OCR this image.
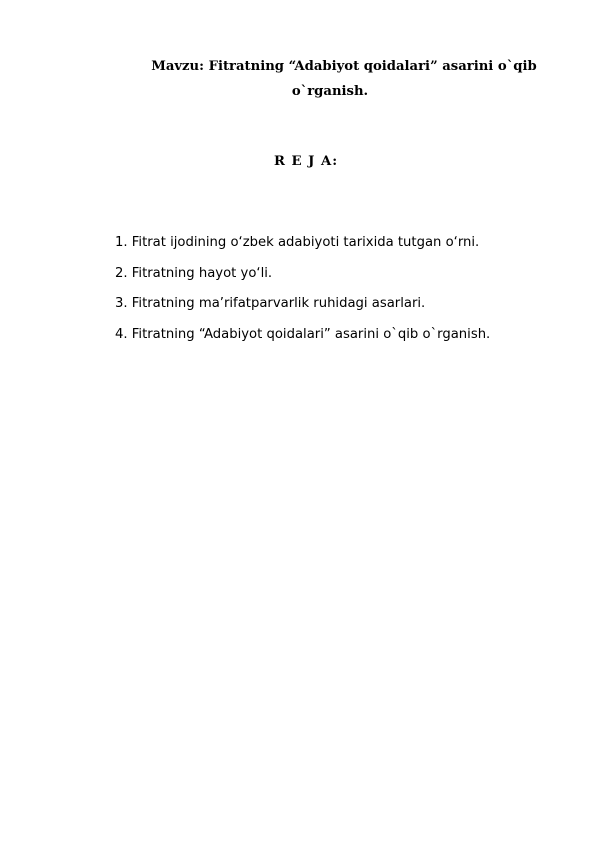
Mavzu: Fitratning “Adabiyot qoidalari” asarini o`qib
o`rganish.
R E J A:
1. Fitrat ijodining o‘zbek adabiyoti tarixida tutgan o‘rni.
2. Fitratning hayot yo‘li.
3. Fitratning ma’rifatparvarlik ruhidagi asarlari.
4. Fitratning “Adabiyot qoidalari” asarini o`qib o`rganish.
